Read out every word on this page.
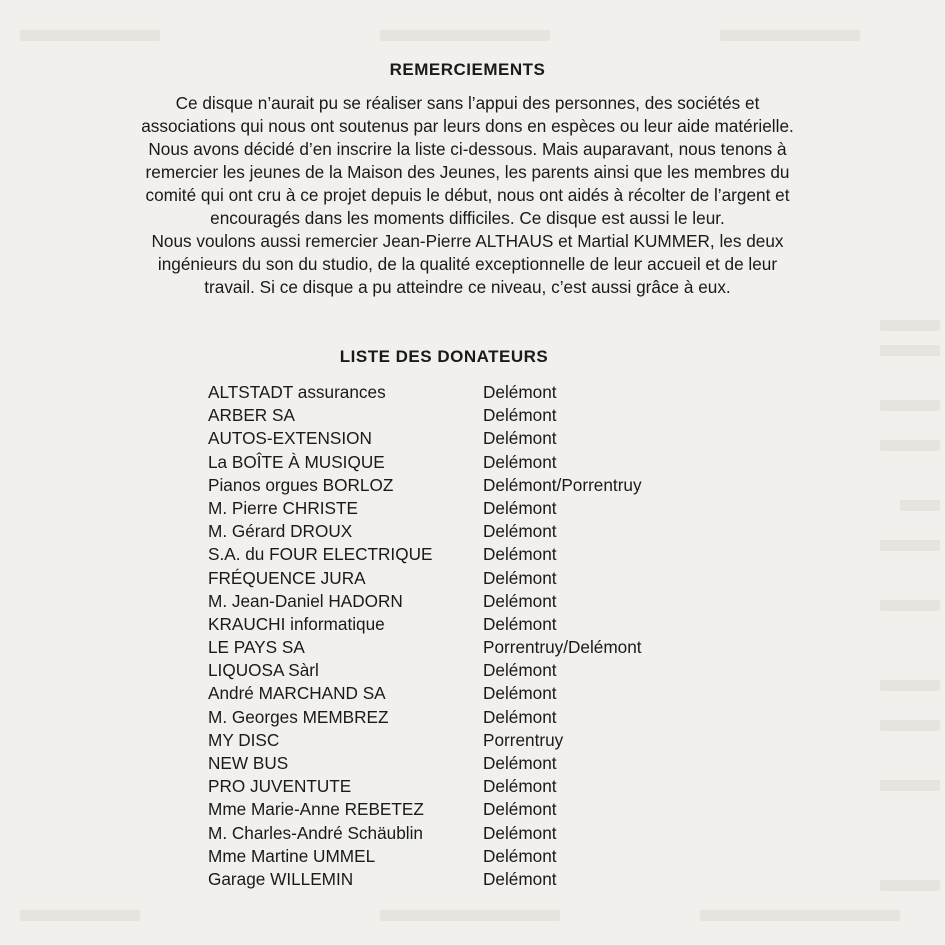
REMERCIEMENTS

Ce disque n’aurait pu se réaliser sans l’appui des personnes, des sociétés et

associations qui nous ont soutenus par leurs dons en espèces ou leur aide matérielle.

Nous avons décidé d’en inscrire la liste ci-dessous. Mais auparavant, nous tenons à

remercier les jeunes de la Maison des Jeunes, les parents ainsi que les membres du

comité qui ont cru à ce projet depuis le début, nous ont aidés à récolter de l’argent et

encouragés dans les moments difficiles. Ce disque est aussi le leur.

Nous voulons aussi remercier Jean-Pierre ALTHAUS et Martial KUMMER, les deux

ingénieurs du son du studio, de la qualité exceptionnelle de leur accueil et de leur

travail. Si ce disque a pu atteindre ce niveau, c’est aussi grâce à eux.

LISTE DES DONATEURS
ALTSTADT assurances	Delémont
ARBER SA	Delémont
AUTOS-EXTENSION	Delémont
La BOÎTE À MUSIQUE	Delémont
Pianos orgues BORLOZ	Delémont/Porrentruy
M. Pierre CHRISTE	Delémont
M. Gérard DROUX	Delémont
S.A. du FOUR ELECTRIQUE	Delémont
FRÉQUENCE JURA	Delémont
M. Jean-Daniel HADORN	Delémont
KRAUCHI informatique	Delémont
LE PAYS SA	Porrentruy/Delémont
LIQUOSA Sàrl	Delémont
André MARCHAND SA	Delémont
M. Georges MEMBREZ	Delémont
MY DISC	Porrentruy
NEW BUS	Delémont
PRO JUVENTUTE	Delémont
Mme Marie-Anne REBETEZ	Delémont
M. Charles-André Schäublin	Delémont
Mme Martine UMMEL	Delémont
Garage WILLEMIN	Delémont
